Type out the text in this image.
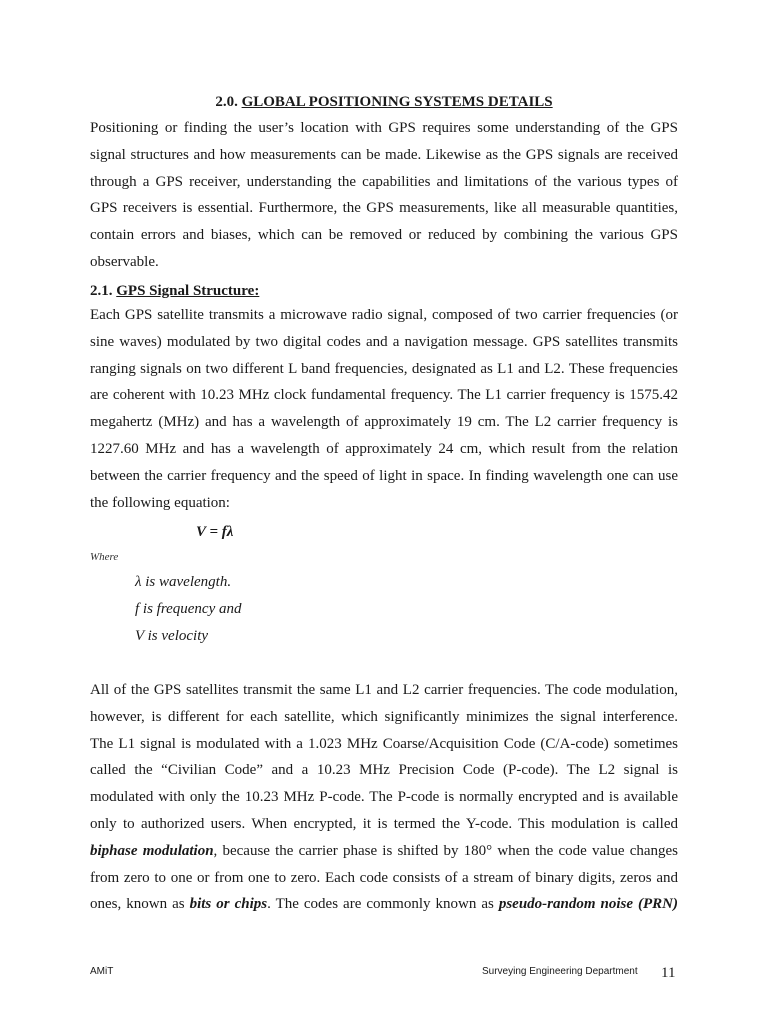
2.0. GLOBAL POSITIONING SYSTEMS DETAILS
Positioning or finding the user’s location with GPS requires some understanding of the GPS
signal structures and how measurements can be made. Likewise as the GPS signals are received
through a GPS receiver, understanding the capabilities and limitations of the various types of
GPS receivers is essential. Furthermore, the GPS measurements, like all measurable quantities,
contain errors and biases, which can be removed or reduced by combining the various GPS
observable.
2.1. GPS Signal Structure:
Each GPS satellite transmits a microwave radio signal, composed of two carrier frequencies (or
sine waves) modulated by two digital codes and a navigation message. GPS satellites transmits
ranging signals on two different L band frequencies, designated as L1 and L2. These frequencies
are coherent with 10.23 MHz clock fundamental frequency. The L1 carrier frequency is 1575.42
megahertz (MHz) and has a wavelength of approximately 19 cm. The L2 carrier frequency is
1227.60 MHz and has a wavelength of approximately 24 cm, which result from the relation
between the carrier frequency and the speed of light in space. In finding wavelength one can use
the following equation:
V = fλ
Where
λ is wavelength.
f is frequency and
V is velocity
All of the GPS satellites transmit the same L1 and L2 carrier frequencies. The code modulation,
however, is different for each satellite, which significantly minimizes the signal interference.
The L1 signal is modulated with a 1.023 MHz Coarse/Acquisition Code (C/A-code) sometimes
called the “Civilian Code” and a 10.23 MHz Precision Code (P-code). The L2 signal is
modulated with only the 10.23 MHz P-code. The P-code is normally encrypted and is available
only to authorized users. When encrypted, it is termed the Y-code. This modulation is called
biphase modulation, because the carrier phase is shifted by 180° when the code value changes
from zero to one or from one to zero. Each code consists of a stream of binary digits, zeros and
ones, known as bits or chips. The codes are commonly known as pseudo-random noise (PRN)
AMiT	Surveying Engineering Department 11
